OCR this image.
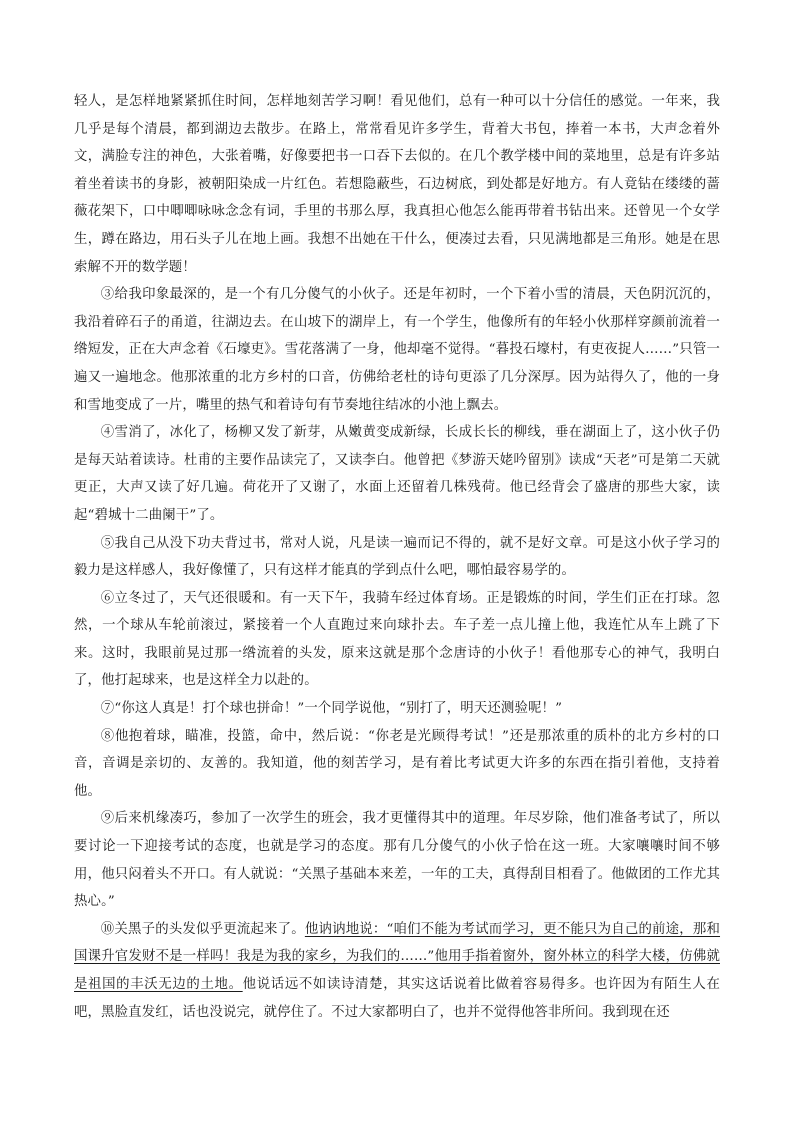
轻人，是怎样地紧紧抓住时间，怎样地刻苦学习啊！看见他们，总有一种可以十分信任的感觉。一年来，我几乎是每个清晨，都到湖边去散步。在路上，常常看见许多学生，背着大书包，捧着一本书，大声念着外文，满脸专注的神色，大张着嘴，好像要把书一口吞下去似的。在几个教学楼中间的菜地里，总是有许多站着坐着读书的身影，被朝阳染成一片红色。若想隐蔽些，石边树底，到处都是好地方。有人竟钻在缕缕的蔷薇花架下，口中唧唧咏咏念念有词，手里的书那么厚，我真担心他怎么能再带着书钻出来。还曾见一个女学生，蹲在路边，用石头子儿在地上画。我想不出她在干什么，便凑过去看，只见满地都是三角形。她是在思索解不开的数学题！

③给我印象最深的，是一个有几分傻气的小伙子。还是年初时，一个下着小雪的清晨，天色阴沉沉的，我沿着碎石子的甬道，往湖边去。在山坡下的湖岸上，有一个学生，他像所有的年轻小伙那样穿颜前流着一绺短发，正在大声念着《石壕吏》。雪花落满了一身，他却毫不觉得。“暮投石壕村，有吏夜捉人……”只管一遍又一遍地念。他那浓重的北方乡村的口音，仿佛给老杜的诗句更添了几分深厚。因为站得久了，他的一身和雪地变成了一片，嘴里的热气和着诗句有节奏地往结冰的小池上飘去。

④雪消了，冰化了，杨柳又发了新芽，从嫩黄变成新绿，长成长长的柳线，垂在湖面上了，这小伙子仍是每天站着读诗。杜甫的主要作品读完了，又读李白。他曾把《梦游天姥吟留别》读成“天老”可是第二天就更正，大声又读了好几遍。荷花开了又谢了，水面上还留着几株残荷。他已经背会了盛唐的那些大家，读起“碧城十二曲阑干”了。

⑤我自己从没下功夫背过书，常对人说，凡是读一遍而记不得的，就不是好文章。可是这小伙子学习的毅力是这样感人，我好像懂了，只有这样才能真的学到点什么吧，哪怕最容易学的。

⑥立冬过了，天气还很暖和。有一天下午，我骑车经过体育场。正是锻炼的时间，学生们正在打球。忽然，一个球从车轮前滚过，紧接着一个人直跑过来向球扑去。车子差一点儿撞上他，我连忙从车上跳了下来。这时，我眼前晃过那一绺流着的头发，原来这就是那个念唐诗的小伙子！看他那专心的神气，我明白了，他打起球来，也是这样全力以赴的。

⑦“你这人真是！打个球也拼命！”一个同学说他，“别打了，明天还测验呢！”

⑧他抱着球，瞄准，投篮，命中，然后说：“你老是光顾得考试！”还是那浓重的质朴的北方乡村的口音，音调是亲切的、友善的。我知道，他的刻苦学习，是有着比考试更大许多的东西在指引着他，支持着他。

⑨后来机缘凑巧，参加了一次学生的班会，我才更懂得其中的道理。年尽岁除，他们准备考试了，所以要讨论一下迎接考试的态度，也就是学习的态度。那有几分傻气的小伙子恰在这一班。大家嚷嚷时间不够用，他只闷着头不开口。有人就说：“关黑子基础本来差，一年的工夫，真得刮目相看了。他做团的工作尤其热心。”

⑩关黑子的头发似乎更流起来了。他讷讷地说：“咱们不能为考试而学习，更不能只为自己的前途，那和国课升官发财不是一样吗！我是为我的家乡，为我们的……”他用手指着窗外，窗外林立的科学大楼，仿佛就是祖国的丰沃无边的土地。他说话远不如读诗清楚，其实这话说着比做着容易得多。也许因为有陌生人在吧，黑脸直发红，话也没说完，就停住了。不过大家都明白了，也并不觉得他答非所问。我到现在还
